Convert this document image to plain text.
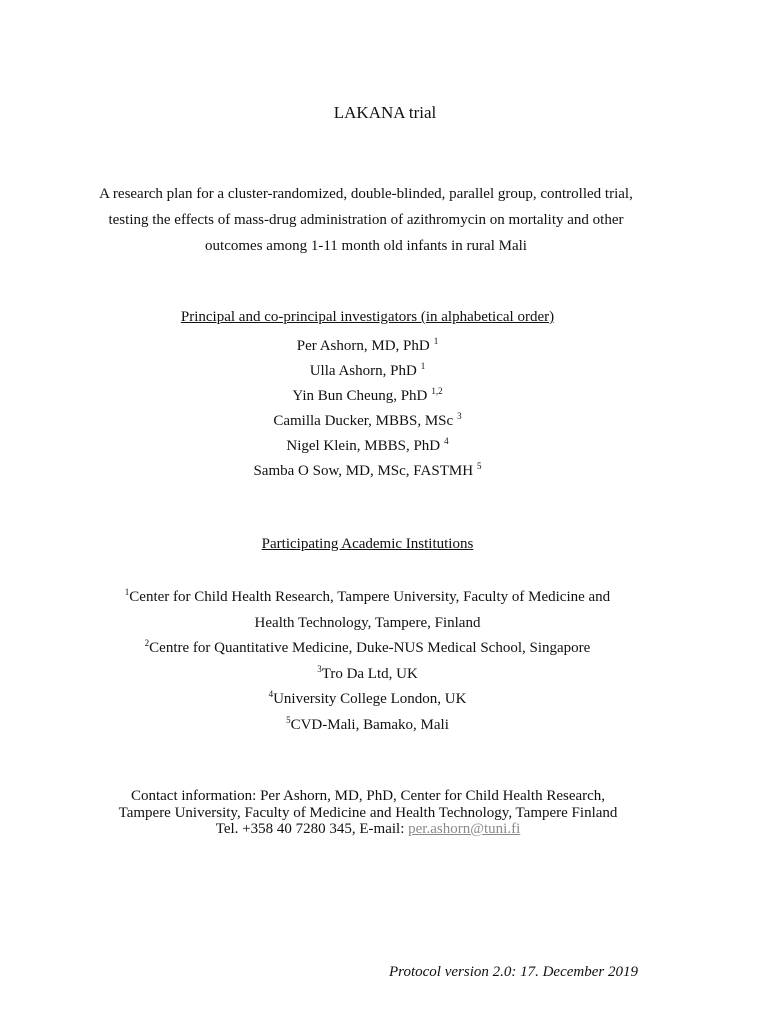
LAKANA trial
A research plan for a cluster-randomized, double-blinded, parallel group, controlled trial, testing the effects of mass-drug administration of azithromycin on mortality and other outcomes among 1-11 month old infants in rural Mali
Principal and co-principal investigators (in alphabetical order)
Per Ashorn, MD, PhD $^1$
Ulla Ashorn, PhD $^1$
Yin Bun Cheung, PhD $^{1,2}$
Camilla Ducker, MBBS, MSc $^3$
Nigel Klein, MBBS, PhD $^4$
Samba O Sow, MD, MSc, FASTMH $^5$
Participating Academic Institutions
$^1$Center for Child Health Research, Tampere University, Faculty of Medicine and Health Technology, Tampere, Finland
$^2$Centre for Quantitative Medicine, Duke-NUS Medical School, Singapore
$^3$Tro Da Ltd, UK
$^4$University College London, UK
$^5$CVD-Mali, Bamako, Mali
Contact information: Per Ashorn, MD, PhD, Center for Child Health Research, Tampere University, Faculty of Medicine and Health Technology, Tampere Finland
Tel. +358 40 7280 345, E-mail: per.ashorn@tuni.fi
Protocol version 2.0: 17. December 2019
